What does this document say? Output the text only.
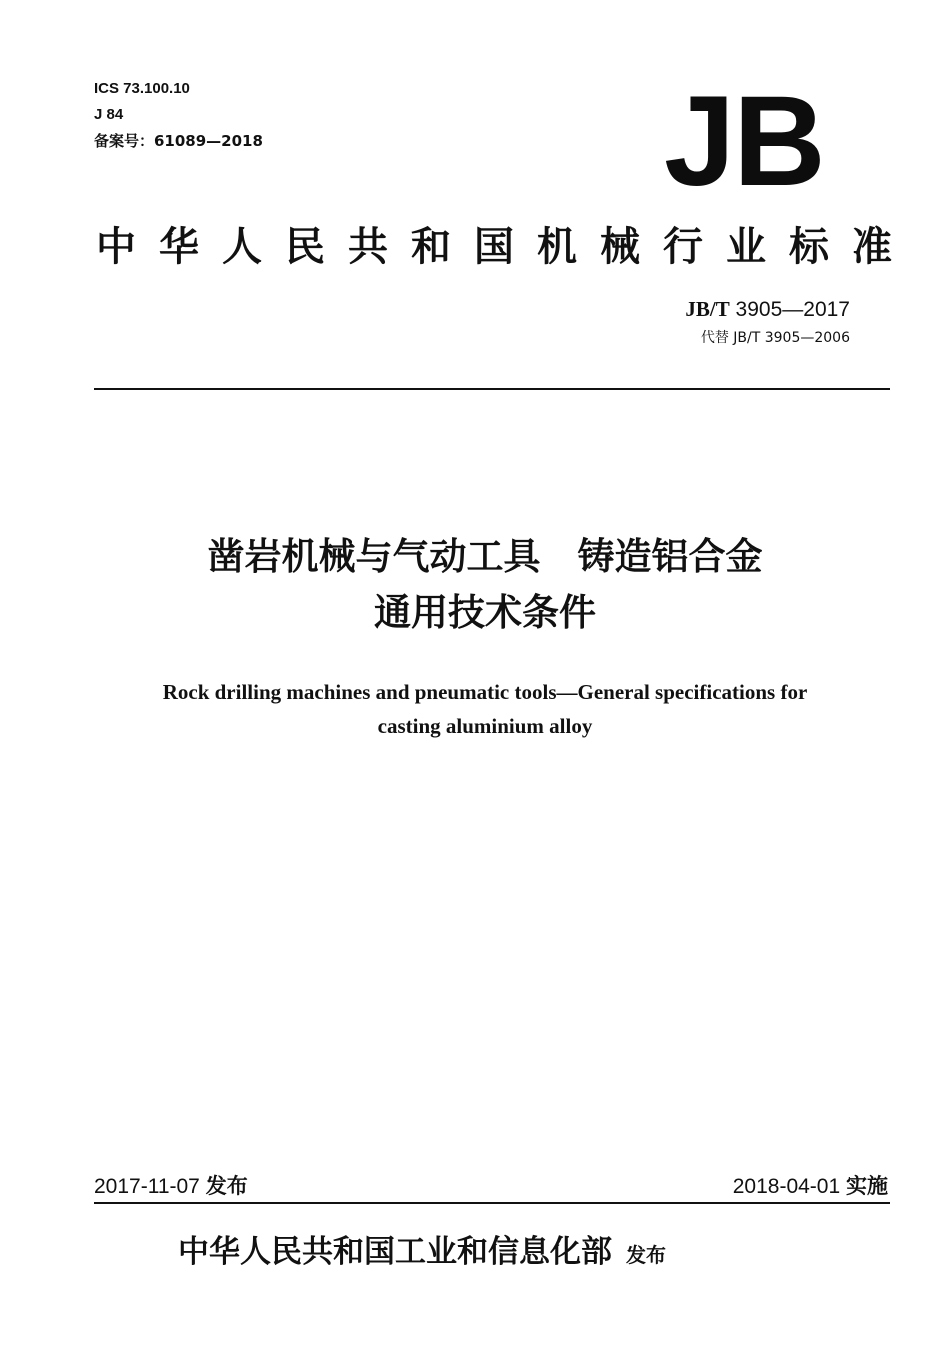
ICS 73.100.10
J 84
备案号：61089—2018	JB
中 华 人 民 共 和 国 机 械 行 业 标 准
JB/T 3905—2017
代替 JB/T 3905—2006
凿岩机械与气动工具　铸造铝合金
通用技术条件
Rock drilling machines and pneumatic tools—General specifications for
casting aluminium alloy
2017-11-07 发布	2018-04-01 实施
中华人民共和国工业和信息化部 发布
